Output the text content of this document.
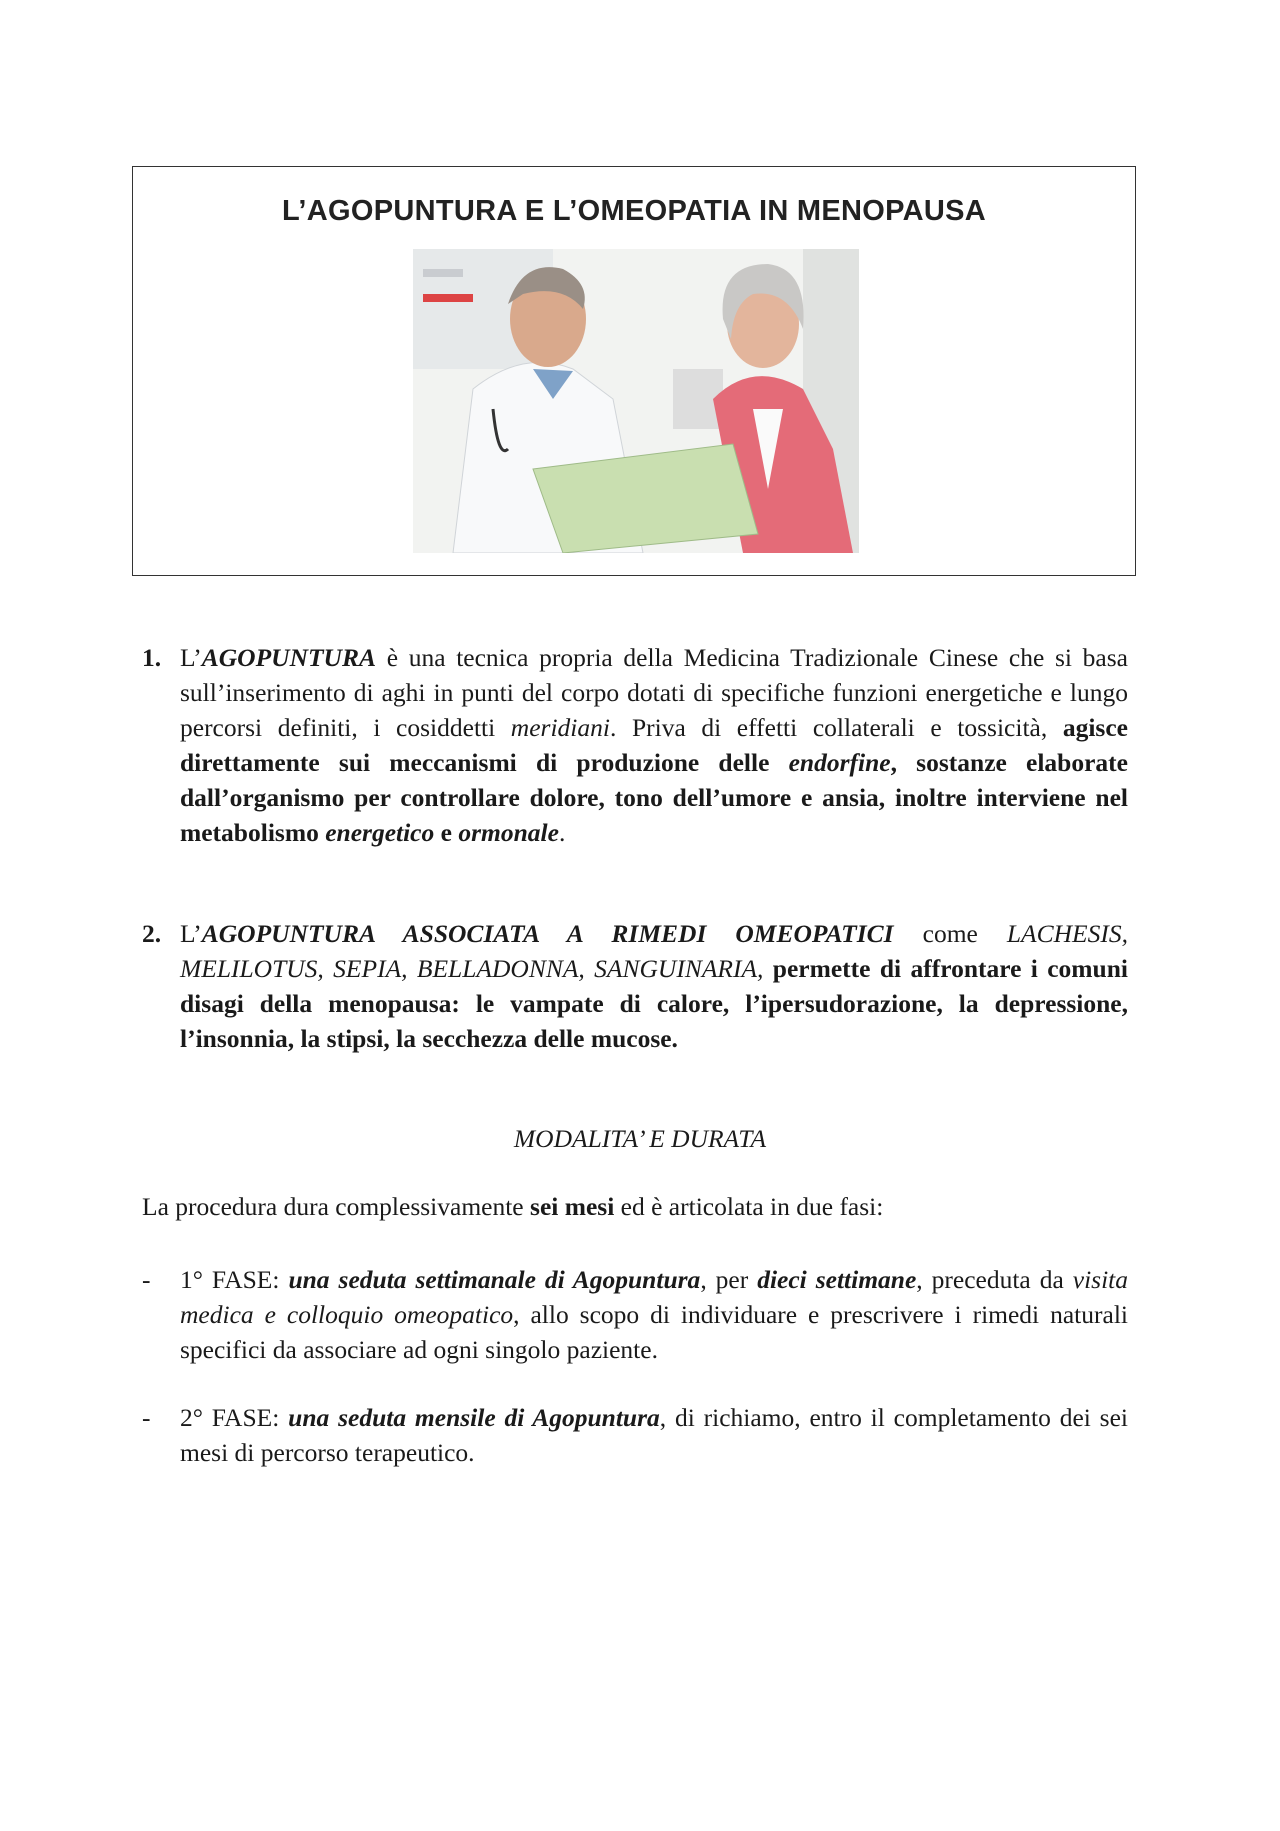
L’AGOPUNTURA E L’OMEOPATIA IN MENOPAUSA
1. L’AGOPUNTURA è una tecnica propria della Medicina Tradizionale Cinese che si basa sull’inserimento di aghi in punti del corpo dotati di specifiche funzioni energetiche e lungo percorsi definiti, i cosiddetti meridiani. Priva di effetti collaterali e tossicità, agisce direttamente sui meccanismi di produzione delle endorfine, sostanze elaborate dall’organismo per controllare dolore, tono dell’umore e ansia, inoltre interviene nel metabolismo energetico e ormonale.
2. L’AGOPUNTURA ASSOCIATA A RIMEDI OMEOPATICI come LACHESIS, MELILOTUS, SEPIA, BELLADONNA, SANGUINARIA, permette di affrontare i comuni disagi della menopausa: le vampate di calore, l’ipersudorazione, la depressione, l’insonnia, la stipsi, la secchezza delle mucose.
MODALITA’ E DURATA
La procedura dura complessivamente sei mesi ed è articolata in due fasi:
- 1° FASE: una seduta settimanale di Agopuntura, per dieci settimane, preceduta da visita medica e colloquio omeopatico, allo scopo di individuare e prescrivere i rimedi naturali specifici da associare ad ogni singolo paziente.
- 2° FASE: una seduta mensile di Agopuntura, di richiamo, entro il completamento dei sei mesi di percorso terapeutico.
